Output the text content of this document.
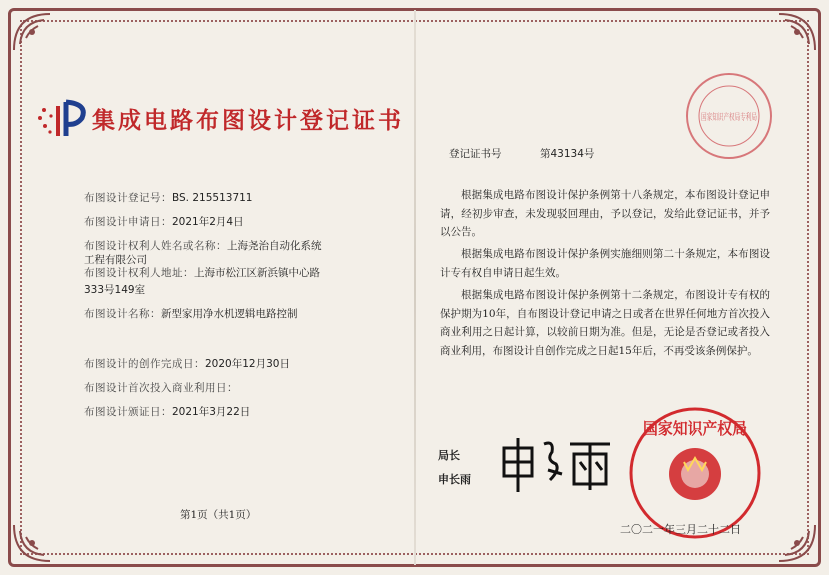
集成电路布图设计登记证书
布图设计登记号：BS. 215513711
布图设计申请日：2021年2月4日
布图设计权利人姓名或名称：上海尧治自动化系统
工程有限公司
布图设计权利人地址：上海市松江区新浜镇中心路
333号149室
布图设计名称：新型家用净水机逻辑电路控制
布图设计的创作完成日：2020年12月30日
布图设计首次投入商业利用日：
布图设计颁证日：2021年3月22日
第1页（共1页）
国家知识产权局专利局
登记证书号	第43134号
根据集成电路布图设计保护条例第十八条规定，本布图设计登记申请，经初步审查，未发现驳回理由，予以登记，发给此登记证书，并予以公告。
根据集成电路布图设计保护条例实施细则第二十条规定，本布图设计专有权自申请日起生效。
根据集成电路布图设计保护条例第十二条规定，布图设计专有权的保护期为10年，自布图设计登记申请之日或者在世界任何地方首次投入商业利用之日起计算，以较前日期为准。但是，无论是否登记或者投入商业利用，布图设计自创作完成之日起15年后，不再受该条例保护。
局长
申长雨
国家知识产权局
二〇二一年三月二十二日
